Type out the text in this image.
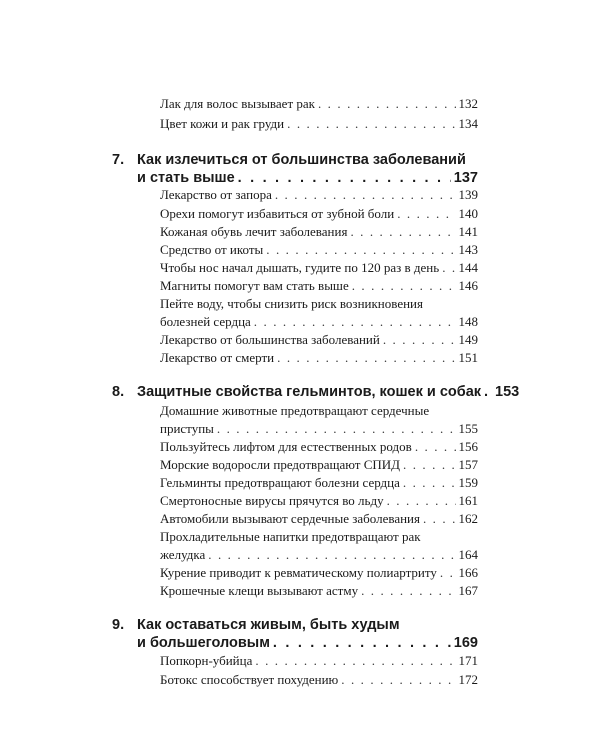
Лак для волос вызывает рак . . .	132
Цвет кожи и рак груди . . .	134
7. Как излечиться от большинства заболеваний
и стать выше . . .	137
Лекарство от запора . . .	139
Орехи помогут избавиться от зубной боли . . .	140
Кожаная обувь лечит заболевания . . .	141
Средство от икоты . . .	143
Чтобы нос начал дышать, гудите по 120 раз в день . . . 144
Магниты помогут вам стать выше . . .	146
Пейте воду, чтобы снизить риск возникновения
болезней сердца . . .	148
Лекарство от большинства заболеваний . . .	149
Лекарство от смерти . . .	151
8. Защитные свойства гельминтов, кошек и собак . . . 153
Домашние животные предотвращают сердечные
приступы . . .	155
Пользуйтесь лифтом для естественных родов . . .	156
Морские водоросли предотвращают СПИД . . .	157
Гельминты предотвращают болезни сердца . . .	159
Смертоносные вирусы прячутся во льду . . .	161
Автомобили вызывают сердечные заболевания . . .	162
Прохладительные напитки предотвращают рак
желудка . . .	164
Курение приводит к ревматическому полиартриту . . . 166
Крошечные клещи вызывают астму . . .	167
9. Как оставаться живым, быть худым
и большеголовым . . .	169
Попкорн-убийца . . .	171
Ботокс способствует похудению . . .	172
